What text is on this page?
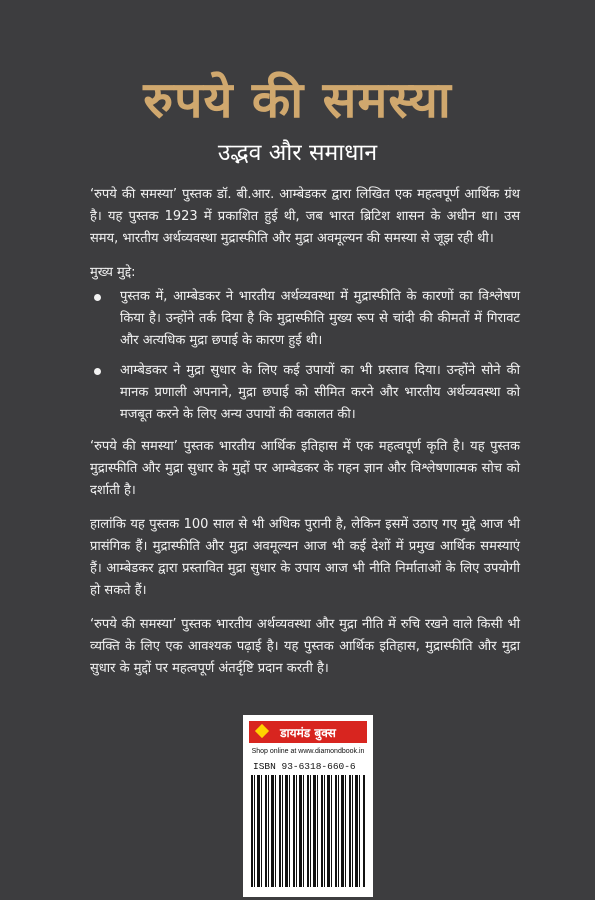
रुपये की समस्या
उद्भव और समाधान

‘रुपये की समस्या’ पुस्तक डॉ. बी.आर. आम्बेडकर द्वारा लिखित एक महत्वपूर्ण आर्थिक ग्रंथ है। यह पुस्तक 1923 में प्रकाशित हुई थी, जब भारत ब्रिटिश शासन के अधीन था। उस समय, भारतीय अर्थव्यवस्था मुद्रास्फीति और मुद्रा अवमूल्यन की समस्या से जूझ रही थी।

मुख्य मुद्दे:

पुस्तक में, आम्बेडकर ने भारतीय अर्थव्यवस्था में मुद्रास्फीति के कारणों का विश्लेषण किया है। उन्होंने तर्क दिया है कि मुद्रास्फीति मुख्य रूप से चांदी की कीमतों में गिरावट और अत्यधिक मुद्रा छपाई के कारण हुई थी।
आम्बेडकर ने मुद्रा सुधार के लिए कई उपायों का भी प्रस्ताव दिया। उन्होंने सोने की मानक प्रणाली अपनाने, मुद्रा छपाई को सीमित करने और भारतीय अर्थव्यवस्था को मजबूत करने के लिए अन्य उपायों की वकालत की।

‘रुपये की समस्या’ पुस्तक भारतीय आर्थिक इतिहास में एक महत्वपूर्ण कृति है। यह पुस्तक मुद्रास्फीति और मुद्रा सुधार के मुद्दों पर आम्बेडकर के गहन ज्ञान और विश्लेषणात्मक सोच को दर्शाती है।

हालांकि यह पुस्तक 100 साल से भी अधिक पुरानी है, लेकिन इसमें उठाए गए मुद्दे आज भी प्रासंगिक हैं। मुद्रास्फीति और मुद्रा अवमूल्यन आज भी कई देशों में प्रमुख आर्थिक समस्याएं हैं। आम्बेडकर द्वारा प्रस्तावित मुद्रा सुधार के उपाय आज भी नीति निर्माताओं के लिए उपयोगी हो सकते हैं।

‘रुपये की समस्या’ पुस्तक भारतीय अर्थव्यवस्था और मुद्रा नीति में रुचि रखने वाले किसी भी व्यक्ति के लिए एक आवश्यक पढ़ाई है। यह पुस्तक आर्थिक इतिहास, मुद्रास्फीति और मुद्रा सुधार के मुद्दों पर महत्वपूर्ण अंतर्दृष्टि प्रदान करती है।

डायमंड बुक्स
Shop online at www.diamondbook.in
ISBN 93-6318-660-6
